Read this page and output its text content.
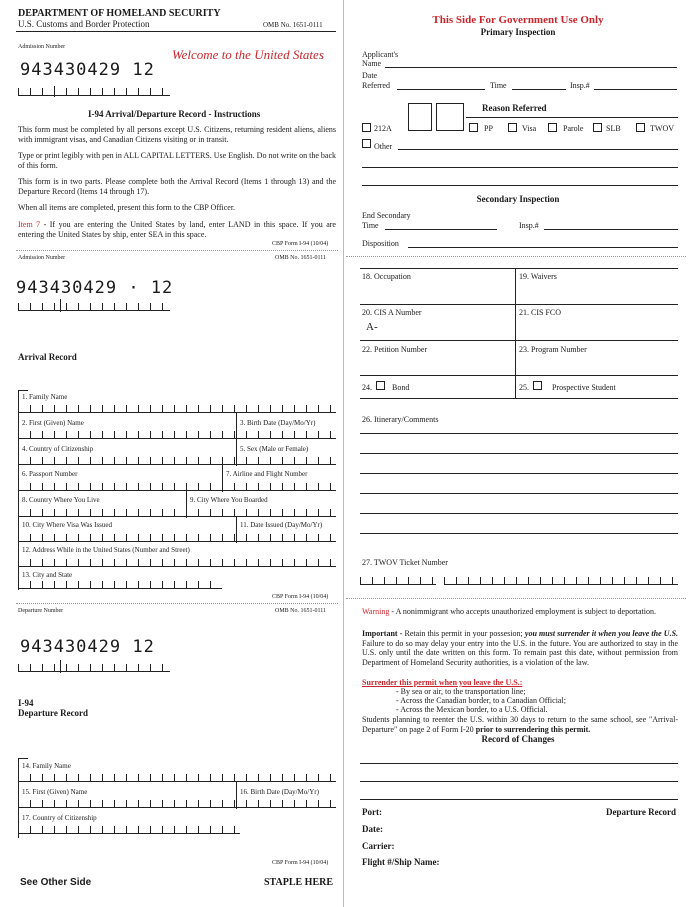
DEPARTMENT OF HOMELAND SECURITY
U.S. Customs and Border Protection	OMB No. 1651-0111
Admission Number	Welcome to the United States
943430429 12
I-94 Arrival/Departure Record - Instructions
This form must be completed by all persons except U.S. Citizens, returning resident aliens, aliens with immigrant visas, and Canadian Citizens visiting or in transit.
Type or print legibly with pen in ALL CAPITAL LETTERS. Use English. Do not write on the back of this form.
This form is in two parts. Please complete both the Arrival Record (Items 1 through 13) and the Departure Record (Items 14 through 17).
When all items are completed, present this form to the CBP Officer.
Item 7 - If you are entering the United States by land, enter LAND in this space. If you are entering the United States by ship, enter SEA in this space.
CBP Form I-94 (10/04)
Admission Number	OMB No. 1651-0111
943430429 · 12
Arrival Record
1. Family Name
2. First (Given) Name	3. Birth Date (Day/Mo/Yr)
4. Country of Citizenship	5. Sex (Male or Female)
6. Passport Number	7. Airline and Flight Number
8. Country Where You Live	9. City Where You Boarded
10. City Where Visa Was Issued	11. Date Issued (Day/Mo/Yr)
12. Address While in the United States (Number and Street)
13. City and State
CBP Form I-94 (10/04)
Departure Number	OMB No. 1651-0111
943430429 12
I-94
Departure Record
14. Family Name
15. First (Given) Name	16. Birth Date (Day/Mo/Yr)
17. Country of Citizenship
CBP Form I-94 (10/04)
See Other Side	STAPLE HERE
This Side For Government Use Only
Primary Inspection
Applicant's
Name
Date
Referred	Time	Insp.#
Reason Referred
212A	PP	Visa	Parole	SLB	TWOV
Other
Secondary Inspection
End Secondary
Time	Insp.#
Disposition
18. Occupation	19. Waivers
20. CIS A Number
A-
21. CIS FCO
22. Petition Number	23. Program Number
24.	Bond	25.	Prospective Student
26. Itinerary/Comments
27. TWOV Ticket Number
Warning - A nonimmigrant who accepts unauthorized employment is subject to deportation.
Important - Retain this permit in your possesion; you must surrender it when you leave the U.S. Failure to do so may delay your entry into the U.S. in the future. You are authorized to stay in the U.S. only until the date written on this form. To remain past this date, without permission from Department of Homeland Security authorities, is a violation of the law.
Surrender this permit when you leave the U.S.:
- By sea or air, to the transportation line;
- Across the Canadian border, to a Canadian Official;
- Across the Mexican border, to a U.S. Official.
Students planning to reenter the U.S. within 30 days to return to the same school, see "Arrival-Departure" on page 2 of Form I-20 prior to surrendering this permit.
Record of Changes
Port:	Departure Record
Date:
Carrier:
Flight #/Ship Name:
